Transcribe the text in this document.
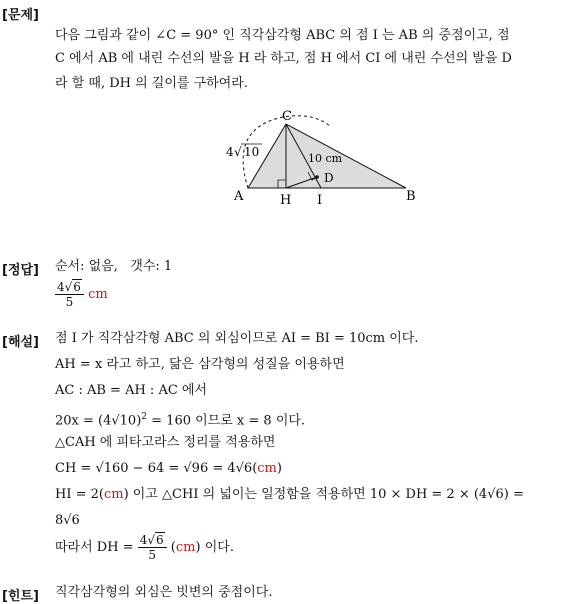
[문제]
다음 그림과 같이 ∠C = 90° 인 직각삼각형 ABC 의 점 I 는 AB 의 중점이고, 점
C 에서 AB 에 내린 수선의 발을 H 라 하고, 점 H 에서 CI 에 내린 수선의 발을 D
라 할 때, DH 의 길이를 구하여라.
C
A	H I	B
D
4 √ 10	10 cm
[정답] 순서: 없음, 갯수: 1
$\frac{4√6}{5}$ cm
[해설] 점 I 가 직각삼각형 ABC 의 외심이므로 AI = BI = 10cm 이다.
AH = x 라고 하고, 닮은 삼각형의 성질을 이용하면
AC : AB = AH : AC 에서
$20x = (4√10)^2 = 160$ 이므로 x = 8 이다.
△CAH 에 피타고라스 정리를 적용하면
CH = √160 − 64 = √96 = 4√6(cm)
HI = 2(cm) 이고 △CHI 의 넓이는 일정함을 적용하면 10 × DH = 2 × (4√6) =
8√6
따라서 DH = $\frac{4√6}{5} (cm)$ 이다.
[힌트] 직각삼각형의 외심은 빗변의 중점이다.
